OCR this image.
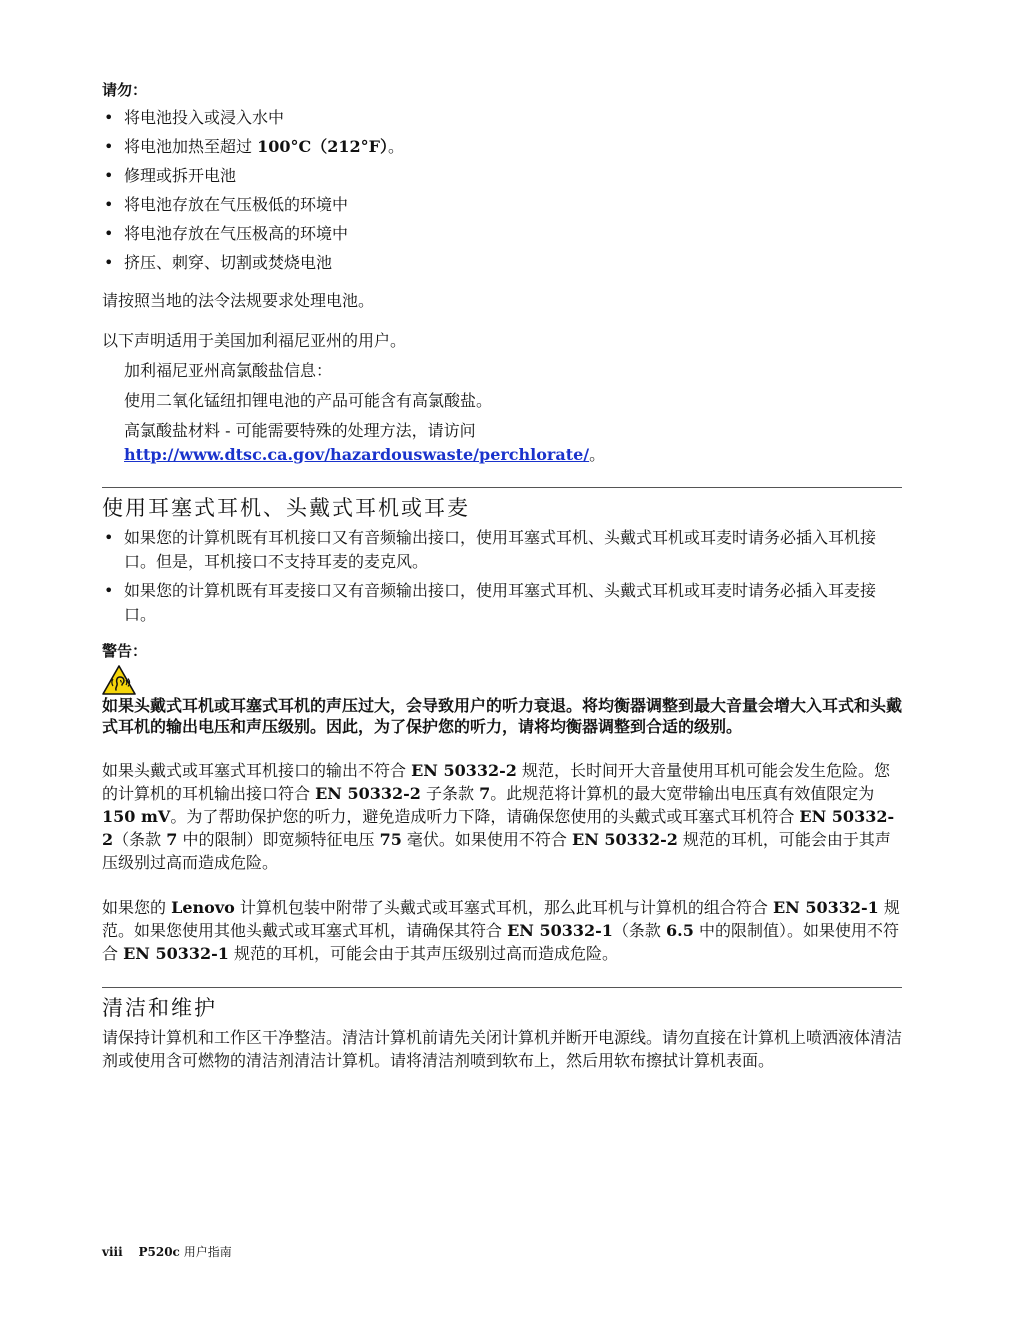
请勿：
• 将电池投入或浸入水中
• 将电池加热至超过 100°C（212°F）。
• 修理或拆开电池
• 将电池存放在气压极低的环境中
• 将电池存放在气压极高的环境中
• 挤压、刺穿、切割或焚烧电池

请按照当地的法令法规要求处理电池。

以下声明适用于美国加利福尼亚州的用户。

加利福尼亚州高氯酸盐信息：

使用二氧化锰纽扣锂电池的产品可能含有高氯酸盐。

高氯酸盐材料 - 可能需要特殊的处理方法，请访问 http://www.dtsc.ca.gov/hazardouswaste/perchlorate/。

使用耳塞式耳机、头戴式耳机或耳麦
• 如果您的计算机既有耳机接口又有音频输出接口，使用耳塞式耳机、头戴式耳机或耳麦时请务必插入耳机接口。但是，耳机接口不支持耳麦的麦克风。
• 如果您的计算机既有耳麦接口又有音频输出接口，使用耳塞式耳机、头戴式耳机或耳麦时请务必插入耳麦接口。
警告：

如果头戴式耳机或耳塞式耳机的声压过大，会导致用户的听力衰退。将均衡器调整到最大音量会增大入耳式和头戴式耳机的输出电压和声压级别。因此，为了保护您的听力，请将均衡器调整到合适的级别。

如果头戴式或耳塞式耳机接口的输出不符合 EN 50332-2 规范，长时间开大音量使用耳机可能会发生危险。您的计算机的耳机输出接口符合 EN 50332-2 子条款 7。此规范将计算机的最大宽带输出电压真有效值限定为 150 mV。为了帮助保护您的听力，避免造成听力下降，请确保您使用的头戴式或耳塞式耳机符合 EN 50332-2（条款 7 中的限制）即宽频特征电压 75 毫伏。如果使用不符合 EN 50332-2 规范的耳机，可能会由于其声压级别过高而造成危险。

如果您的 Lenovo 计算机包装中附带了头戴式或耳塞式耳机，那么此耳机与计算机的组合符合 EN 50332-1 规范。如果您使用其他头戴式或耳塞式耳机，请确保其符合 EN 50332-1（条款 6.5 中的限制值）。如果使用不符合 EN 50332-1 规范的耳机，可能会由于其声压级别过高而造成危险。

清洁和维护

请保持计算机和工作区干净整洁。清洁计算机前请先关闭计算机并断开电源线。请勿直接在计算机上喷洒液体清洁剂或使用含可燃物的清洁剂清洁计算机。请将清洁剂喷到软布上，然后用软布擦拭计算机表面。

viii P520c 用户指南
